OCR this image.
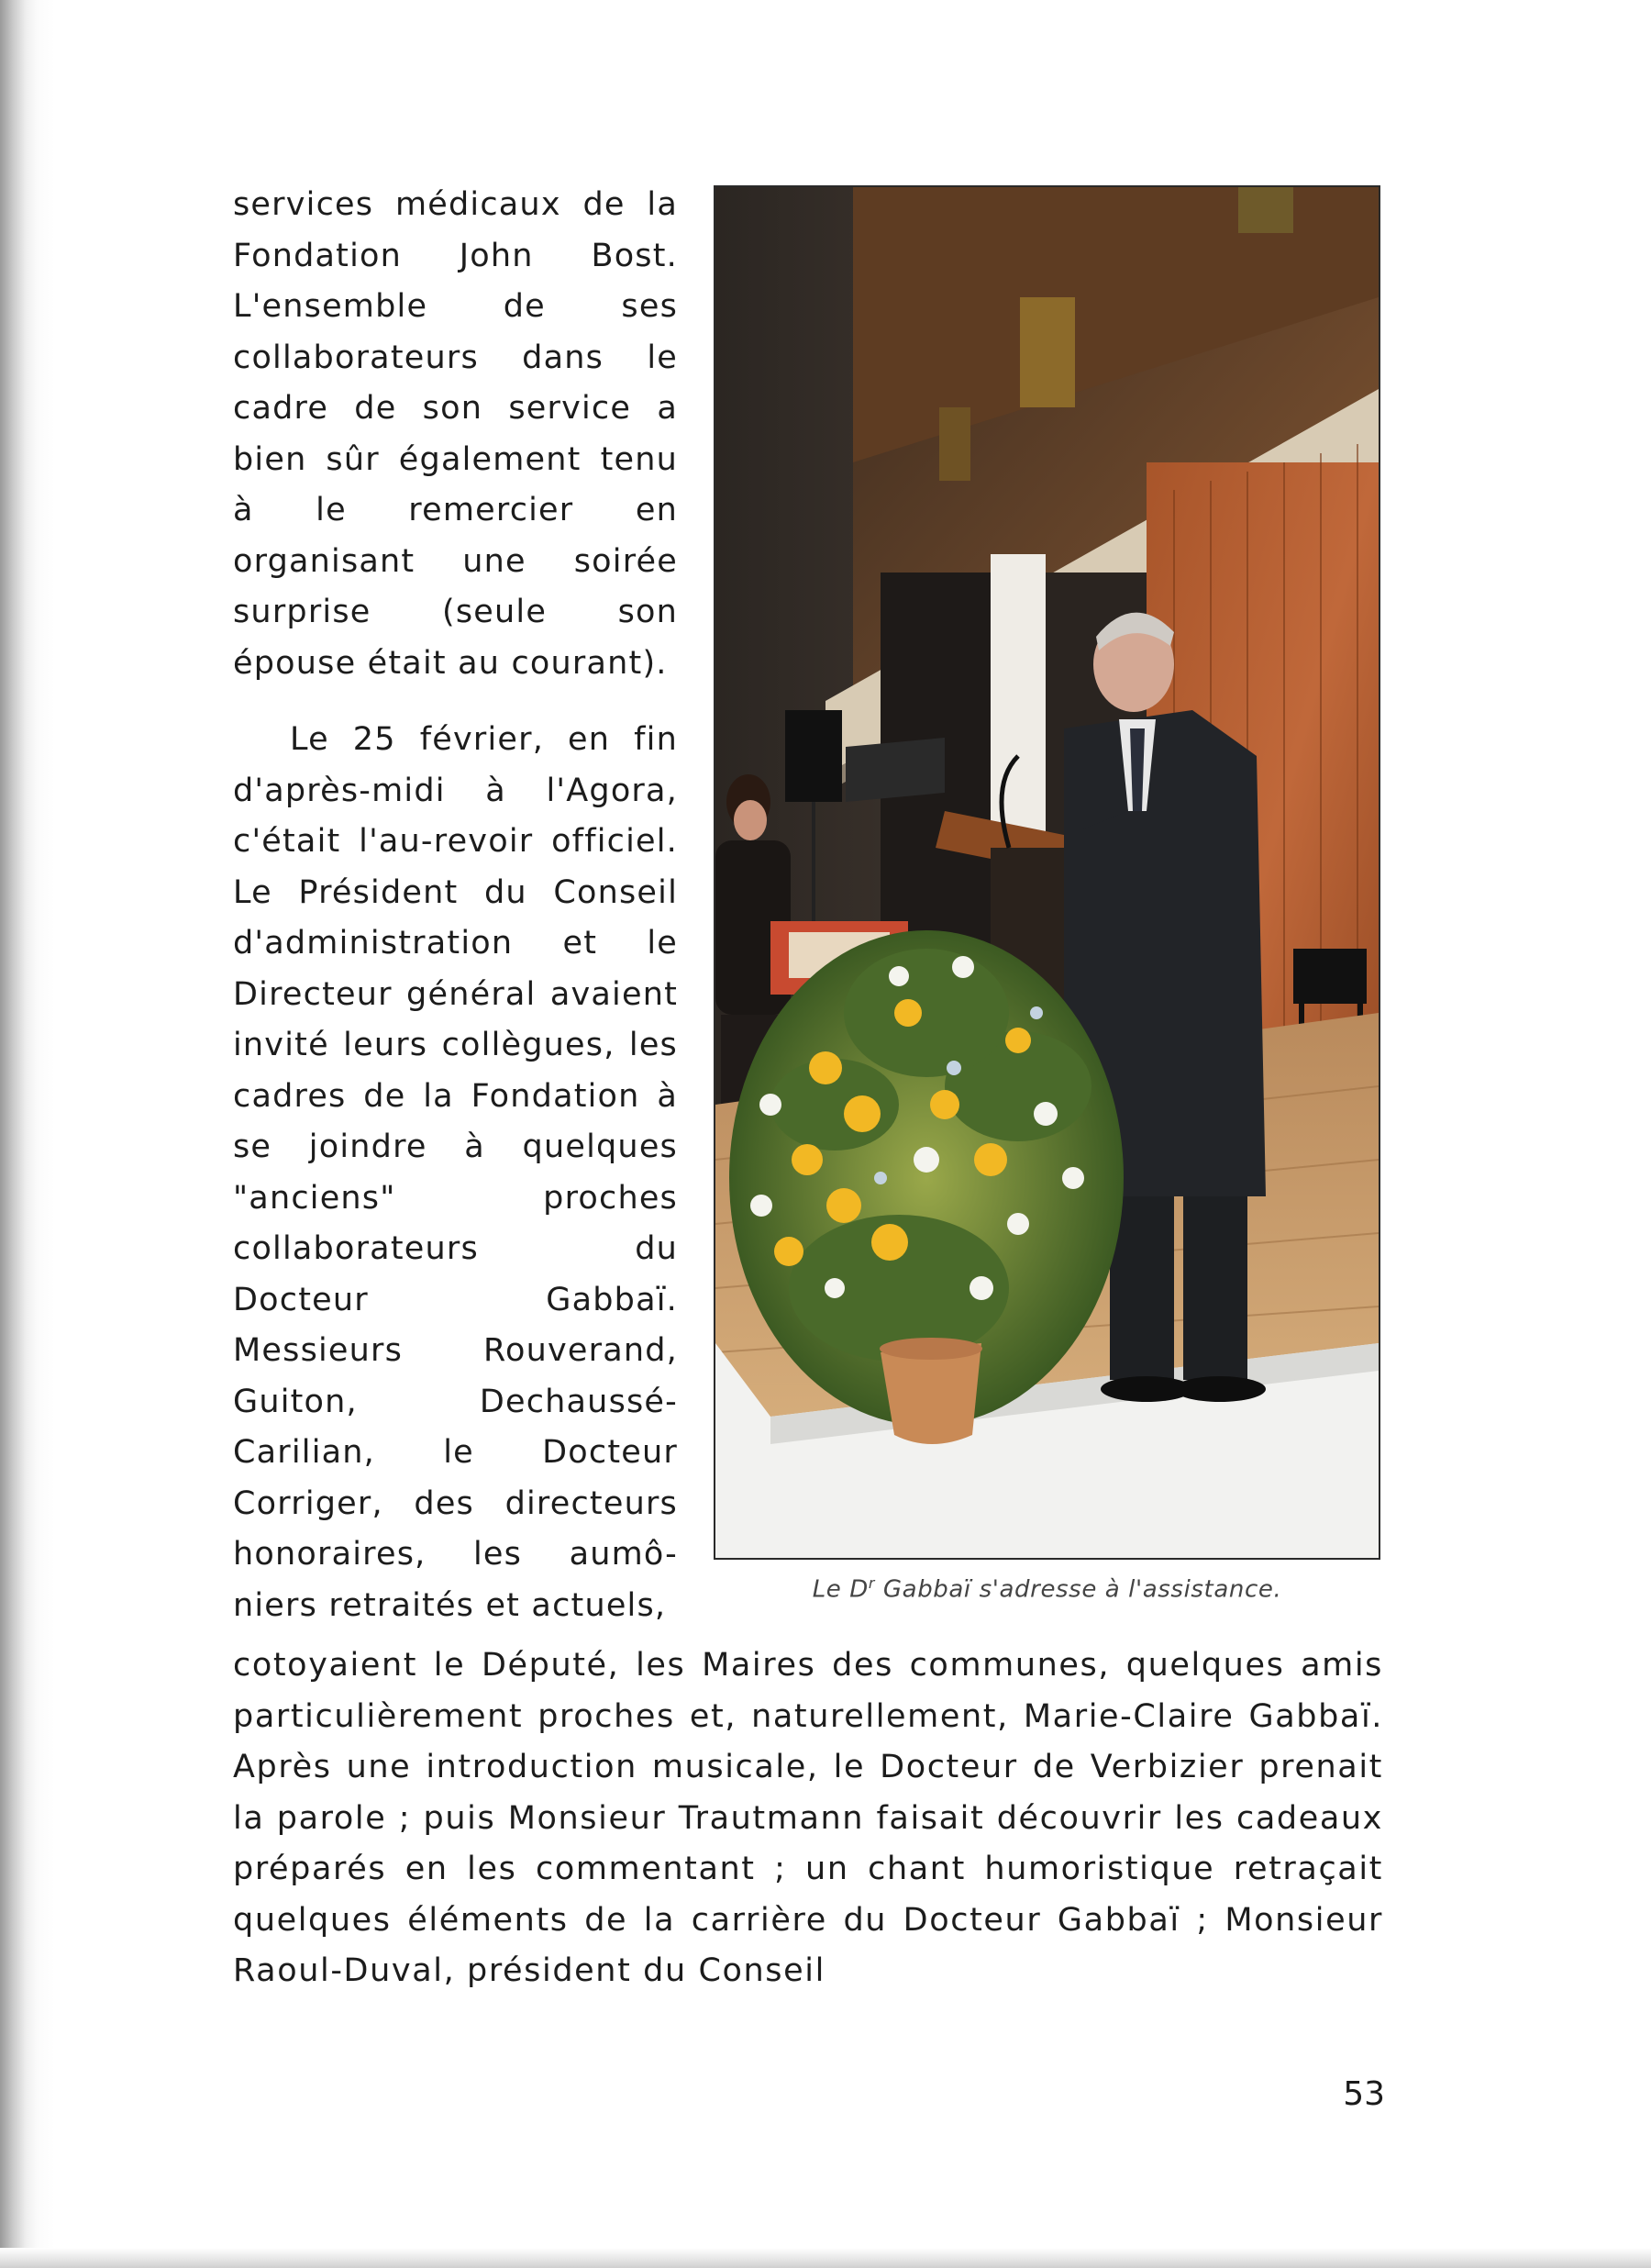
services médicaux de la Fondation John Bost. L'ensemble de ses collaborateurs dans le cadre de son service a bien sûr également tenu à le remercier en organisant une soirée surprise (seule son épouse était au courant).

Le 25 février, en fin d'après-midi à l'Agora, c'était l'au-revoir officiel. Le Président du Conseil d'administration et le Directeur général avaient invité leurs collègues, les cadres de la Fondation à se joindre à quelques "anciens" proches collaborateurs du Docteur Gabbaï. Messieurs Rouverand, Guiton, Dechaussé-Carilian, le Docteur Corriger, des directeurs honoraires, les aumô- niers retraités et actuels,	Le $D^r$ Gabbaï s'adresse à l'assistance.

cotoyaient le Député, les Maires des communes, quelques amis particulièrement proches et, naturellement, Marie-Claire Gabbaï. Après une introduction musicale, le Docteur de Verbizier prenait la parole ; puis Monsieur Trautmann faisait découvrir les cadeaux préparés en les commentant ; un chant humoristique retraçait quelques éléments de la carrière du Docteur Gabbaï ; Monsieur Raoul-Duval, président du Conseil

53
